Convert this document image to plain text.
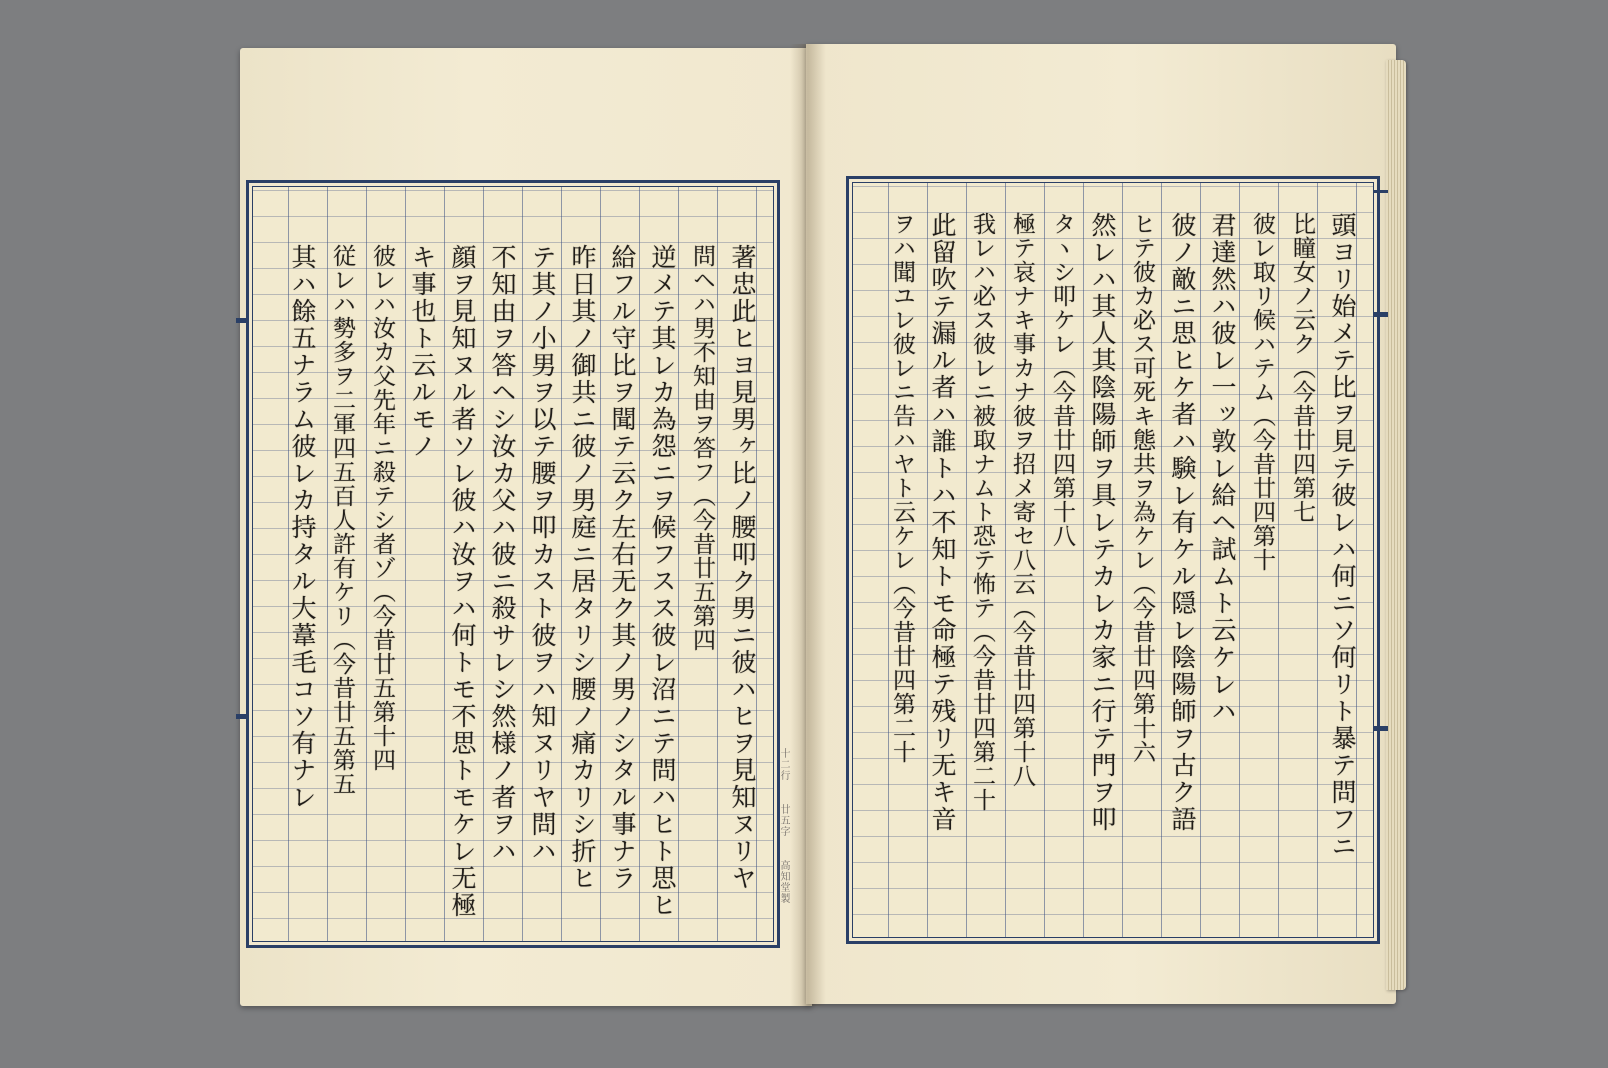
著忠此ヒヨ見男ヶ比ノ腰叩ク男ニ彼ハヒヲ見知ヌリヤ
問ヘハ男不知由ヲ答フ（今昔廿五第四
逆メテ其レカ為怨ニヲ候フスス彼レ沼ニテ問ハヒト思ヒ
給フル守比ヲ聞テ云ク左右无ク其ノ男ノシタル事ナラ
昨日其ノ御共ニ彼ノ男庭ニ居タリシ腰ノ痛カリシ折ヒ
テ其ノ小男ヲ以テ腰ヲ叩カスト彼ヲハ知ヌリヤ問ハ
不知由ヲ答ヘシ汝カ父ハ彼ニ殺サレシ然様ノ者ヲハ
顔ヲ見知ヌル者ソレ彼ハ汝ヲハ何トモ不思トモケレ无極
キ事也ト云ルモノ
彼レハ汝カ父先年ニ殺テシ者ゾ（今昔廿五第十四
従レハ勢多ヲ二軍四五百人許有ケリ（今昔廿五第五
其ハ餘五ナラム彼レカ持タル大葦毛コソ有ナレ	頭ヨリ始メテ比ヲ見テ彼レハ何ニソ何リト暴テ問フニ
比瞳女ノ云ク（今昔廿四第七
彼レ取リ候ハテム（今昔廿四第十
君達然ハ彼レ一ッ敦レ給ヘ試ムト云ケレハ
彼ノ敵ニ思ヒケ者ハ験レ有ケル隠レ陰陽師ヲ古ク語
ヒテ彼カ必ス可死キ態共ヲ為ケレ（今昔廿四第十六
然レハ其人其陰陽師ヲ具レテカレカ家ニ行テ門ヲ叩
タヽシ叩ケレ（今昔廿四第十八
極テ哀ナキ事カナ彼ヲ招メ寄セ八云（今昔廿四第十八
我レハ必ス彼レニ被取ナムト恐テ怖テ（今昔廿四第二十
此留吹テ漏ル者ハ誰トハ不知トモ命極テ残リ无キ音
ヲハ聞ユレ彼レニ告ハヤト云ケレ（今昔廿四第二十
十二行
廿五字
高知堂製
